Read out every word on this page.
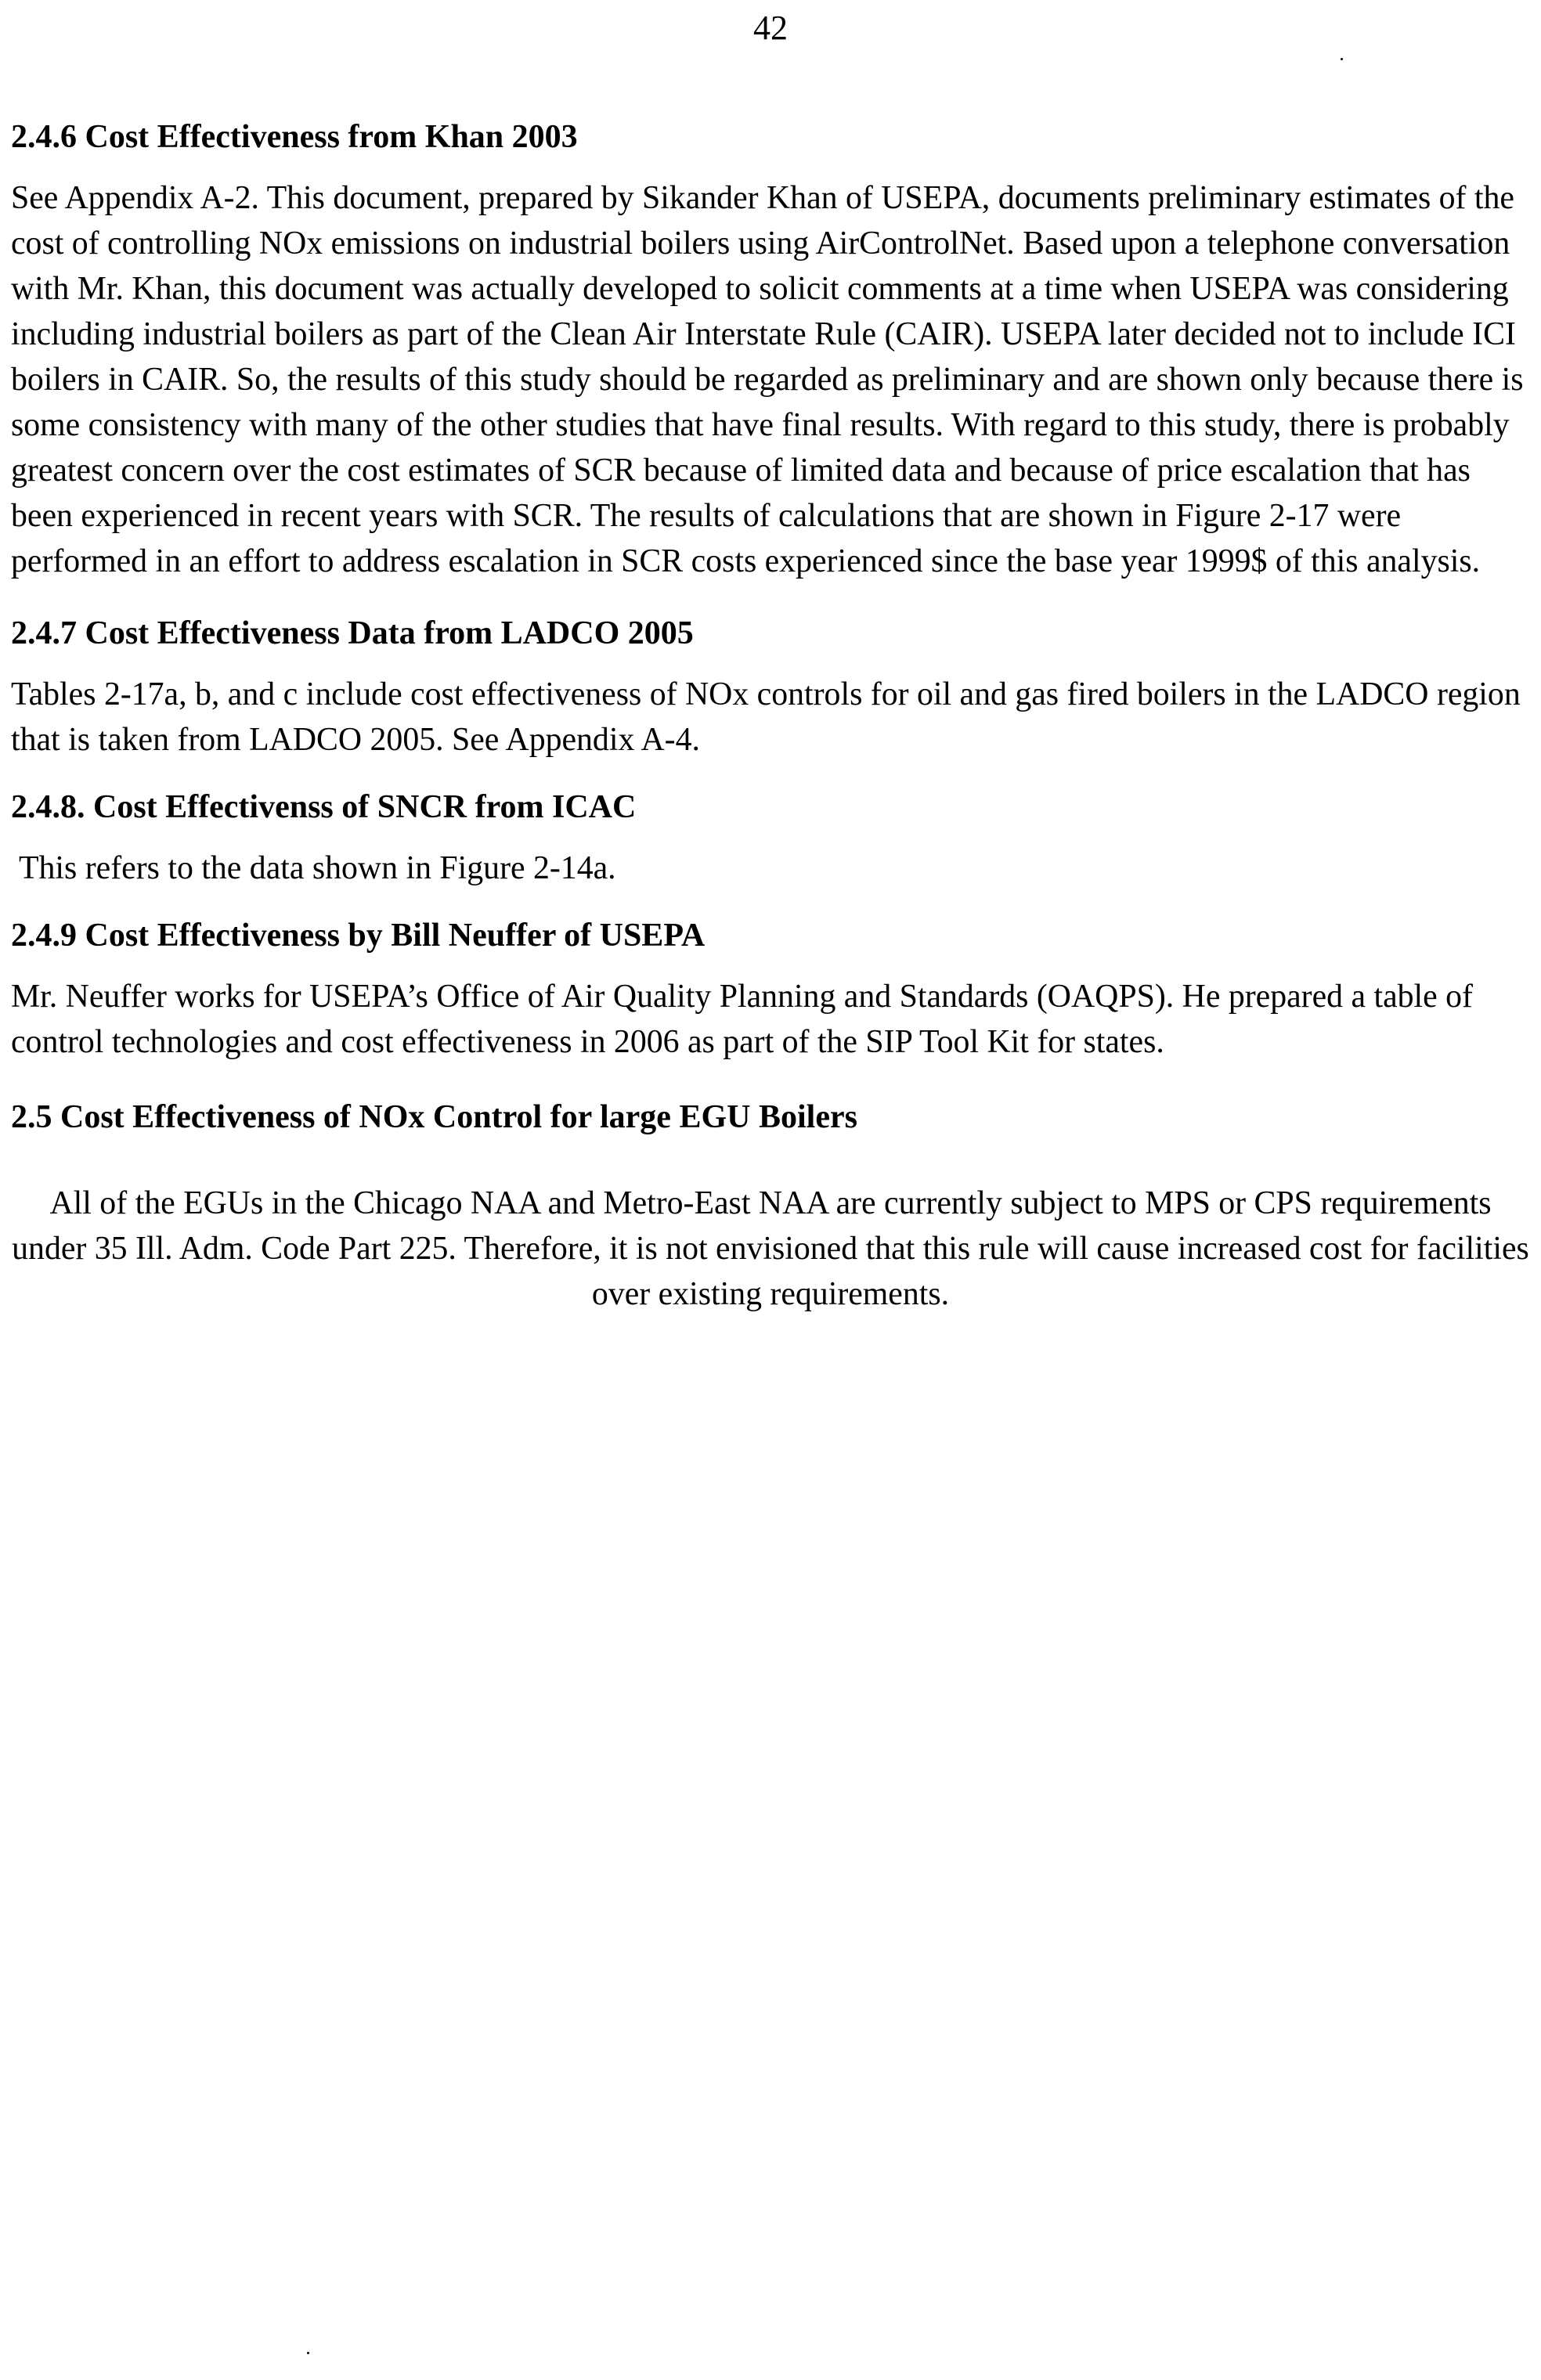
42
2.4.6 Cost Effectiveness from Khan 2003

See Appendix A-2. This document, prepared by Sikander Khan of USEPA, documents preliminary estimates of the cost of controlling NOx emissions on industrial boilers using AirControlNet. Based upon a telephone conversation with Mr. Khan, this document was actually developed to solicit comments at a time when USEPA was considering including industrial boilers as part of the Clean Air Interstate Rule (CAIR). USEPA later decided not to include ICI boilers in CAIR. So, the results of this study should be regarded as preliminary and are shown only because there is some consistency with many of the other studies that have final results. With regard to this study, there is probably greatest concern over the cost estimates of SCR because of limited data and because of price escalation that has been experienced in recent years with SCR. The results of calculations that are shown in Figure 2-17 were performed in an effort to address escalation in SCR costs experienced since the base year 1999$ of this analysis.

2.4.7 Cost Effectiveness Data from LADCO 2005

Tables 2-17a, b, and c include cost effectiveness of NOx controls for oil and gas fired boilers in the LADCO region that is taken from LADCO 2005. See Appendix A-4.

2.4.8. Cost Effectivenss of SNCR from ICAC

This refers to the data shown in Figure 2-14a.

2.4.9 Cost Effectiveness by Bill Neuffer of USEPA

Mr. Neuffer works for USEPA’s Office of Air Quality Planning and Standards (OAQPS). He prepared a table of control technologies and cost effectiveness in 2006 as part of the SIP Tool Kit for states.

2.5 Cost Effectiveness of NOx Control for large EGU Boilers

All of the EGUs in the Chicago NAA and Metro-East NAA are currently subject to MPS or CPS requirements under 35 Ill. Adm. Code Part 225. Therefore, it is not envisioned that this rule will cause increased cost for facilities over existing requirements.
